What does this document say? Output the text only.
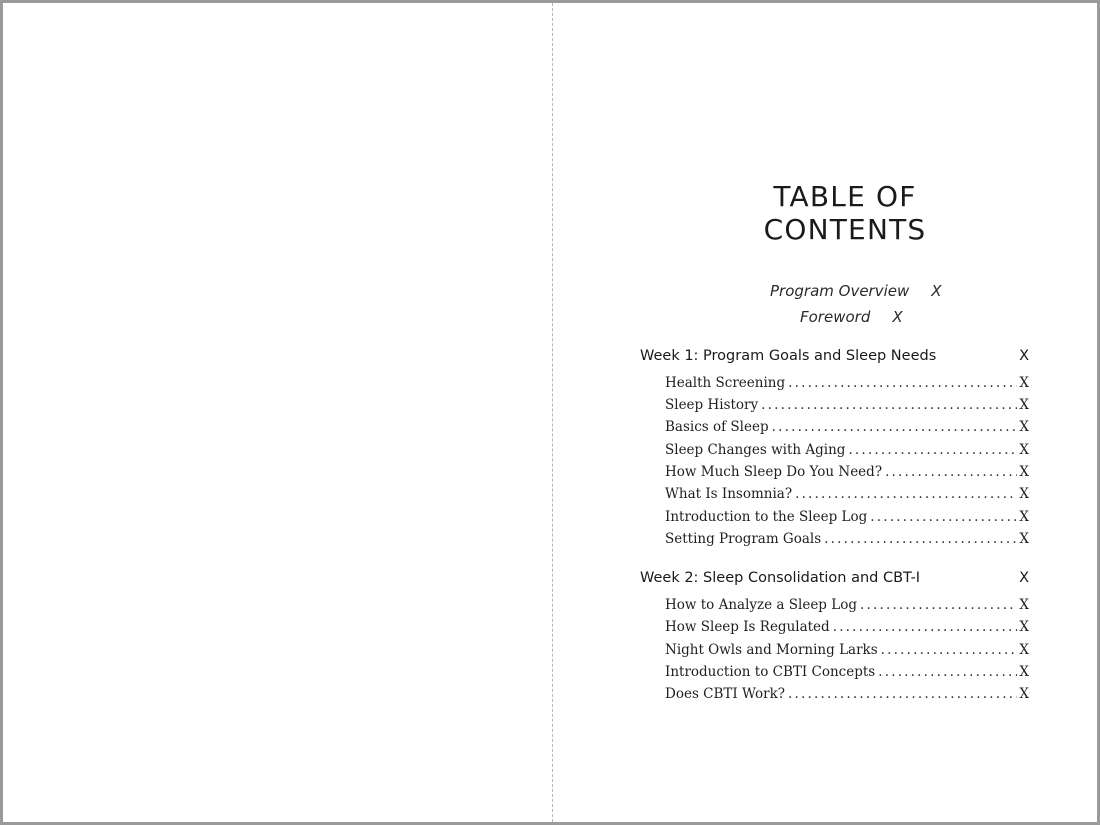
TABLE OF CONTENTS
Program Overview X
Foreword X
Week 1: Program Goals and Sleep Needs	X
Health Screening .....	X
Sleep History .....	X
Basics of Sleep .....	X
Sleep Changes with Aging .....	X
How Much Sleep Do You Need? .....	X
What Is Insomnia? .....	X
Introduction to the Sleep Log .....	X
Setting Program Goals .....	X
Week 2: Sleep Consolidation and CBT-I	X
How to Analyze a Sleep Log .....	X
How Sleep Is Regulated .....	X
Night Owls and Morning Larks .....	X
Introduction to CBTI Concepts .....	X
Does CBTI Work? .....	X
